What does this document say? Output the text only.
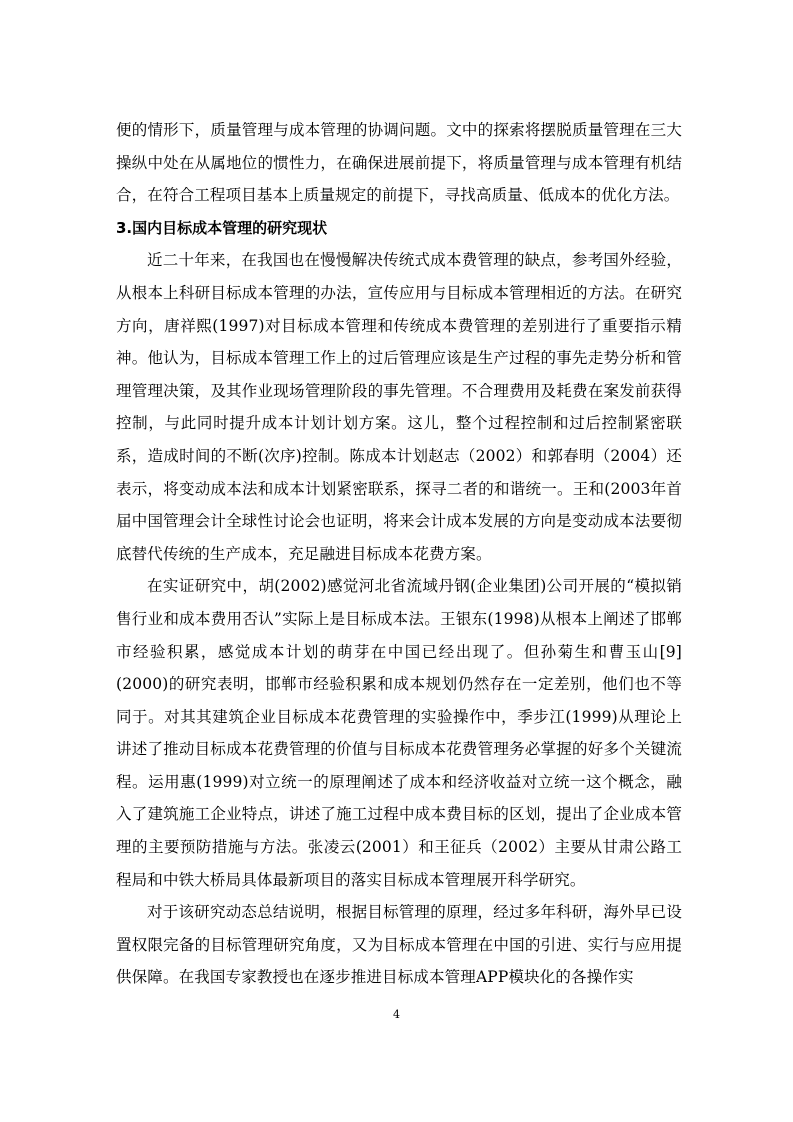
便的情形下，质量管理与成本管理的协调问题。文中的探索将摆脱质量管理在三大操纵中处在从属地位的惯性力，在确保进展前提下，将质量管理与成本管理有机结合，在符合工程项目基本上质量规定的前提下，寻找高质量、低成本的优化方法。

3.国内目标成本管理的研究现状

近二十年来，在我国也在慢慢解决传统式成本费管理的缺点，参考国外经验，从根本上科研目标成本管理的办法，宣传应用与目标成本管理相近的方法。在研究方向，唐祥熙(1997)对目标成本管理和传统成本费管理的差别进行了重要指示精神。他认为，目标成本管理工作上的过后管理应该是生产过程的事先走势分析和管理管理决策，及其作业现场管理阶段的事先管理。不合理费用及耗费在案发前获得控制，与此同时提升成本计划计划方案。这儿，整个过程控制和过后控制紧密联系，造成时间的不断(次序)控制。陈成本计划赵志（2002）和郭春明（2004）还表示，将变动成本法和成本计划紧密联系，探寻二者的和谐统一。王和(2003年首届中国管理会计全球性讨论会也证明，将来会计成本发展的方向是变动成本法要彻底替代传统的生产成本，充足融进目标成本花费方案。

在实证研究中，胡(2002)感觉河北省流域丹钢(企业集团)公司开展的“模拟销售行业和成本费用否认”实际上是目标成本法。王银东(1998)从根本上阐述了邯郸市经验积累，感觉成本计划的萌芽在中国已经出现了。但孙菊生和曹玉山[9](2000)的研究表明，邯郸市经验积累和成本规划仍然存在一定差别，他们也不等同于。对其其建筑企业目标成本花费管理的实验操作中，季步江(1999)从理论上讲述了推动目标成本花费管理的价值与目标成本花费管理务必掌握的好多个关键流程。运用惠(1999)对立统一的原理阐述了成本和经济收益对立统一这个概念，融入了建筑施工企业特点，讲述了施工过程中成本费目标的区划，提出了企业成本管理的主要预防措施与方法。张凌云(2001）和王征兵（2002）主要从甘肃公路工程局和中铁大桥局具体最新项目的落实目标成本管理展开科学研究。

对于该研究动态总结说明，根据目标管理的原理，经过多年科研，海外早已设置权限完备的目标管理研究角度，又为目标成本管理在中国的引进、实行与应用提供保障。在我国专家教授也在逐步推进目标成本管理APP模块化的各操作实

4
